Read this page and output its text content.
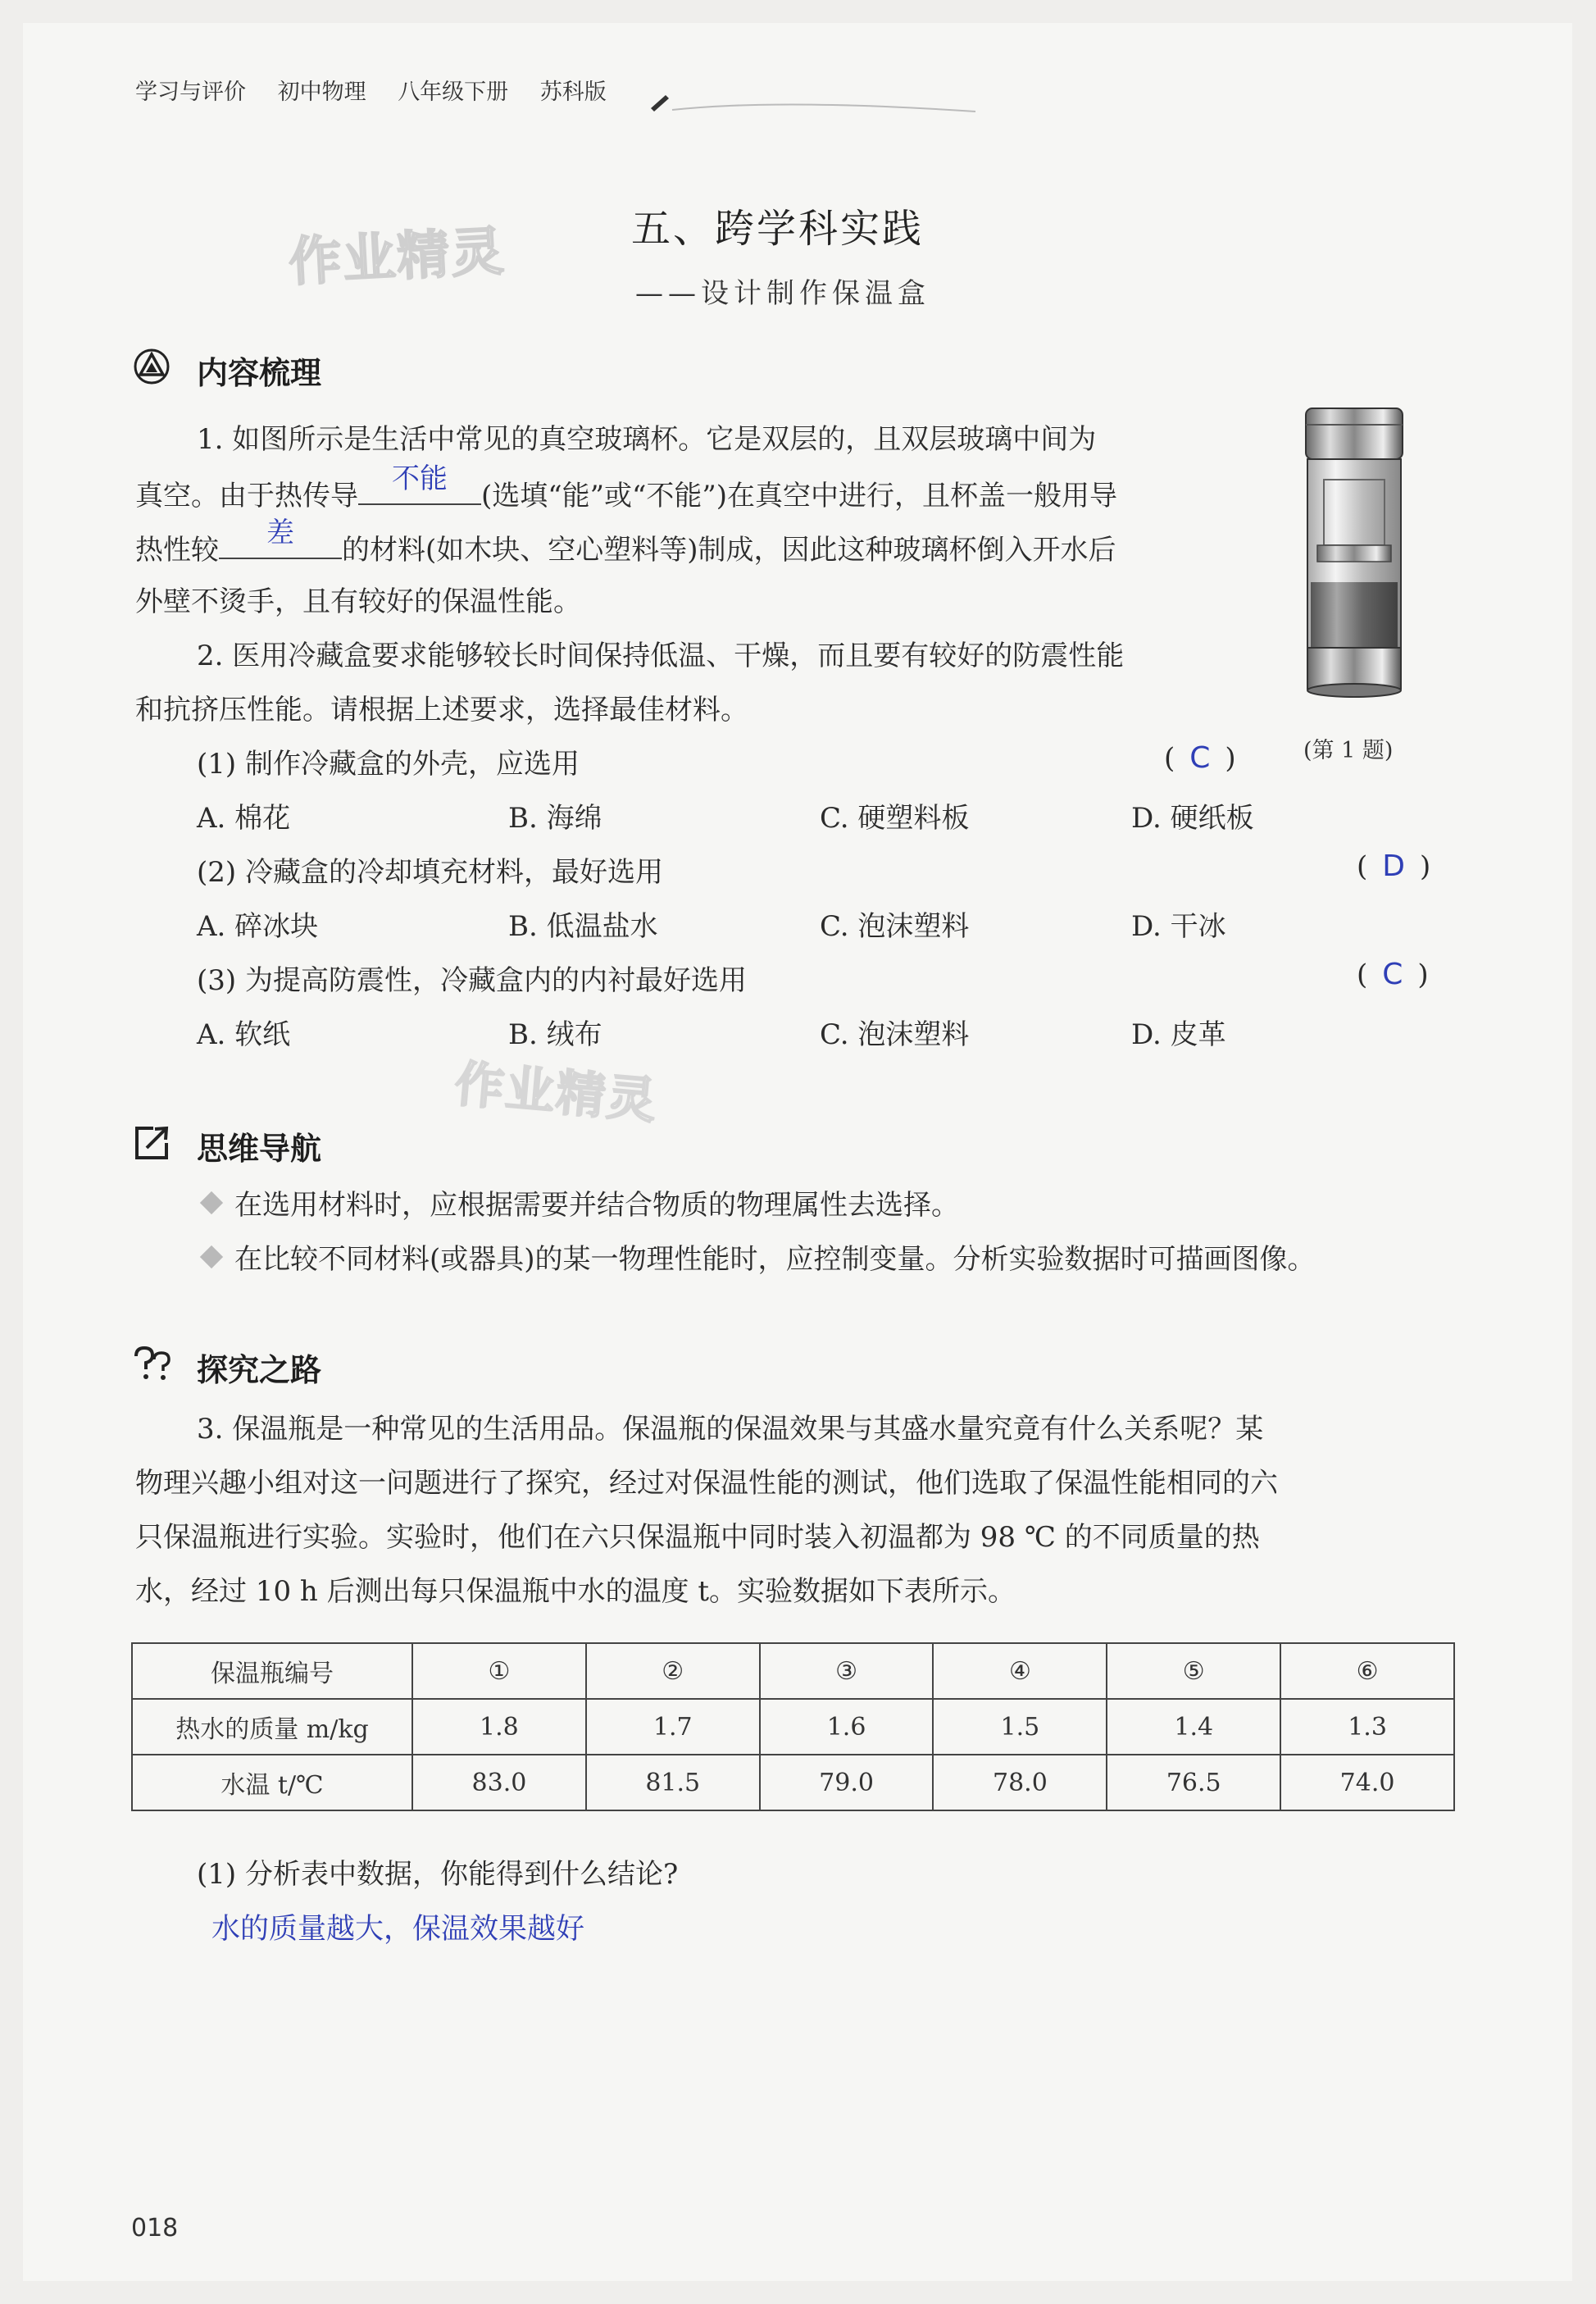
学习与评价 初中物理 八年级下册 苏科版
作业精灵
作业精灵
五、跨学科实践
——设计制作保温盒
内容梳理
1. 如图所示是生活中常见的真空玻璃杯。它是双层的，且双层玻璃中间为
真空。由于热传导
不能
(选填“能”或“不能”)在真空中进行，且杯盖一般用导
热性较
差
的材料(如木块、空心塑料等)制成，因此这种玻璃杯倒入开水后
外壁不烫手，且有较好的保温性能。
(第 1 题)
2. 医用冷藏盒要求能够较长时间保持低温、干燥，而且要有较好的防震性能
和抗挤压性能。请根据上述要求，选择最佳材料。
(1) 制作冷藏盒的外壳，应选用	( C )
A. 棉花	B. 海绵	C. 硬塑料板	D. 硬纸板
(2) 冷藏盒的冷却填充材料，最好选用	( D )
A. 碎冰块	B. 低温盐水	C. 泡沫塑料	D. 干冰
(3) 为提高防震性，冷藏盒内的内衬最好选用	( C )
A. 软纸	B. 绒布	C. 泡沫塑料	D. 皮革
思维导航
在选用材料时，应根据需要并结合物质的物理属性去选择。
在比较不同材料(或器具)的某一物理性能时，应控制变量。分析实验数据时可描画图像。
探究之路
3. 保温瓶是一种常见的生活用品。保温瓶的保温效果与其盛水量究竟有什么关系呢？某
物理兴趣小组对这一问题进行了探究，经过对保温性能的测试，他们选取了保温性能相同的六
只保温瓶进行实验。实验时，他们在六只保温瓶中同时装入初温都为 98 ℃ 的不同质量的热
水，经过 10 h 后测出每只保温瓶中水的温度 t。实验数据如下表所示。
保温瓶编号	①	②	③	④	⑤	⑥
热水的质量 m/kg	1.8	1.7	1.6	1.5	1.4	1.3
水温 t/℃	83.0	81.5	79.0	78.0	76.5	74.0
(1) 分析表中数据，你能得到什么结论?
水的质量越大，保温效果越好
018
